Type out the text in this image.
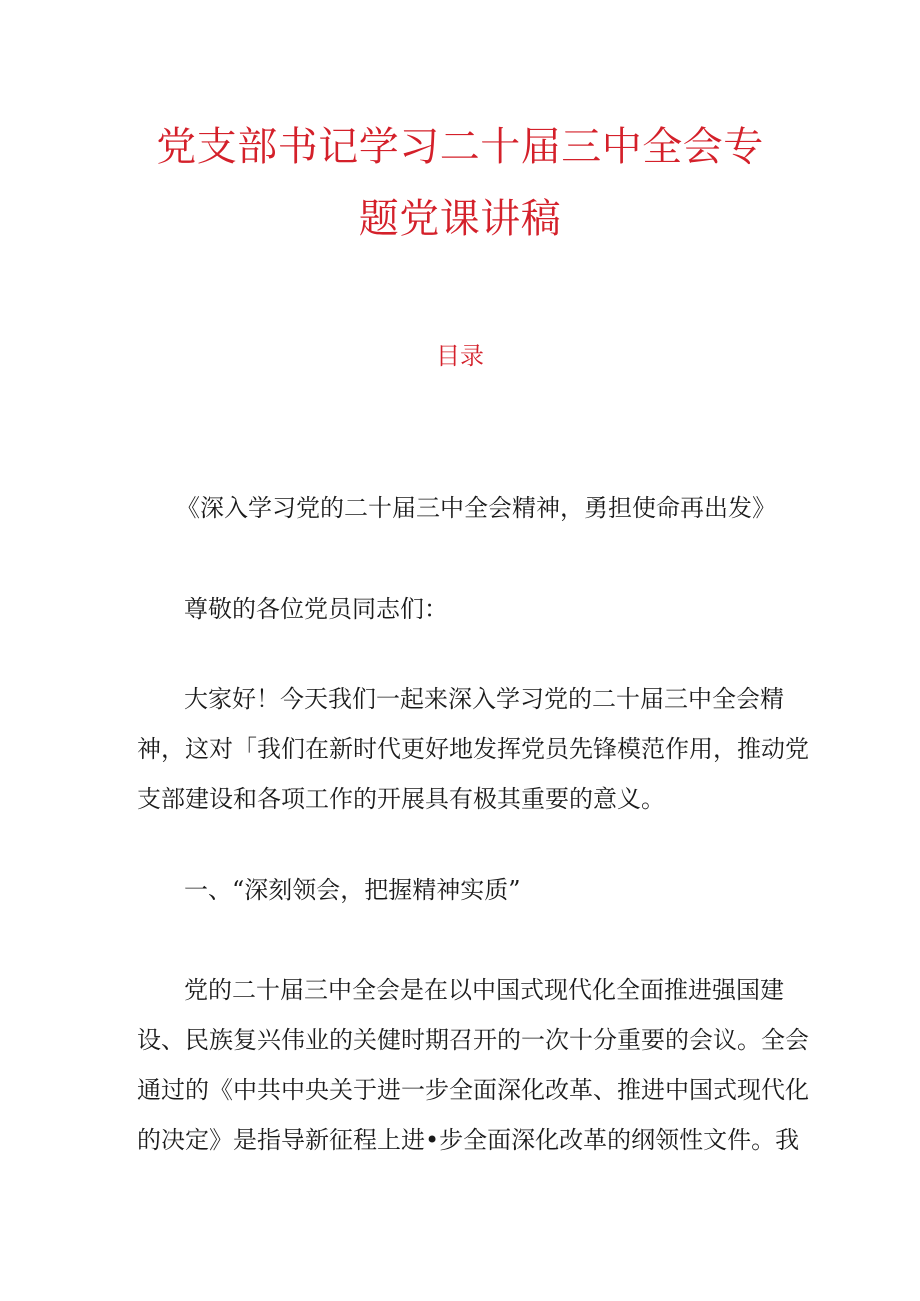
党支部书记学习二十届三中全会专
题党课讲稿
目录

《深入学习党的二十届三中全会精神，勇担使命再出发》

尊敬的各位党员同志们：

大家好！今天我们一起来深入学习党的二十届三中全会精

神，这对「我们在新时代更好地发挥党员先锋模范作用，推动党

支部建设和各项工作的开展具有极其重要的意义。

一、“深刻领会，把握精神实质”

党的二十届三中全会是在以中国式现代化全面推进强国建

设、民族复兴伟业的关健时期召开的一次十分重要的会议。全会

通过的《中共中央关于进一步全面深化改革、推进中国式现代化

的决定》是指导新征程上进•步全面深化改革的纲领性文件。我
